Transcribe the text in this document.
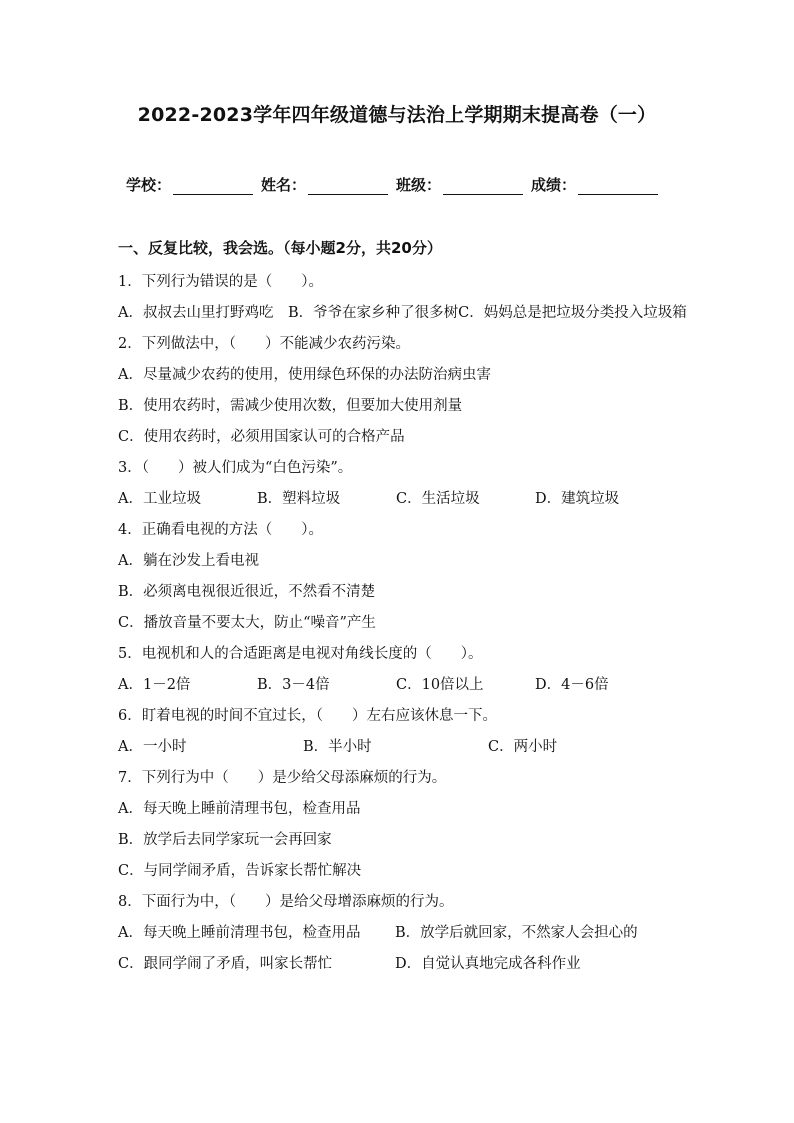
2022-2023学年四年级道德与法治上学期期末提高卷（一）
学校：	姓名：	班级：	成绩：
一、反复比较，我会选。（每小题2分，共20分）
1．下列行为错误的是（　　）。
A．叔叔去山里打野鸡吃　B．爷爷在家乡种了很多树C．妈妈总是把垃圾分类投入垃圾箱
2．下列做法中，（　　）不能减少农药污染。
A．尽量减少农药的使用，使用绿色环保的办法防治病虫害
B．使用农药时，需减少使用次数，但要加大使用剂量
C．使用农药时，必须用国家认可的合格产品
3．（　　）被人们成为“白色污染”。
A．工业垃圾	B．塑料垃圾	C．生活垃圾	D．建筑垃圾
4．正确看电视的方法（　　）。
A．躺在沙发上看电视
B．必须离电视很近很近，不然看不清楚
C．播放音量不要太大，防止“噪音”产生
5．电视机和人的合适距离是电视对角线长度的（　　）。
A．1－2倍	B．3－4倍	C．10倍以上	D．4－6倍
6．盯着电视的时间不宜过长，（　　）左右应该休息一下。
A．一小时	B．半小时	C．两小时
7．下列行为中（　　）是少给父母添麻烦的行为。
A．每天晚上睡前清理书包，检查用品
B．放学后去同学家玩一会再回家
C．与同学闹矛盾，告诉家长帮忙解决
8．下面行为中，（　　）是给父母增添麻烦的行为。
A．每天晚上睡前清理书包，检查用品	B．放学后就回家，不然家人会担心的
C．跟同学闹了矛盾，叫家长帮忙	D．自觉认真地完成各科作业
